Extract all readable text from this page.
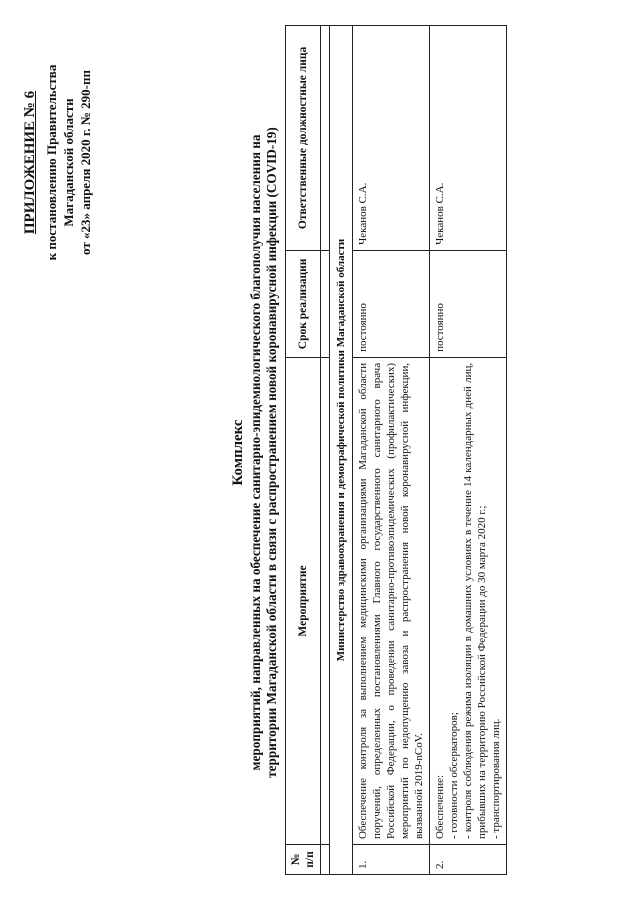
ПРИЛОЖЕНИЕ № 6 к постановлению Правительства Магаданской области от «23» апреля 2020 г. № 290-пп
Комплекс мероприятий, направленных на обеспечение санитарно-эпидемиологического благополучия населения на территории Магаданской области в связи с распространением новой коронавирусной инфекции (COVID-19)
№ п/п	Мероприятие	Срок реализации	Ответственные должностные лица

Министерство здравоохранения и демографической политики Магаданской области			
1.	Обеспечение контроля за выполнением медицинскими организациями Магаданской области поручений, определенных постановлениями Главного государственного санитарного врача Российской Федерации, о проведении санитарно-противоэпидемических (профилактических) мероприятий по недопущению завоза и распространения новой коронавирусной инфекции, вызванной 2019-nCoV.	постоянно	Чеканов С.А.
2.	Обеспечение: - готовности обсерваторов; - контроля соблюдения режима изоляции в домашних условиях в течение 14 календарных дней лиц, прибывших на территорию Российской Федерации до 30 марта 2020 г.; - транспортирования лиц.	постоянно	Чеканов С.А.
